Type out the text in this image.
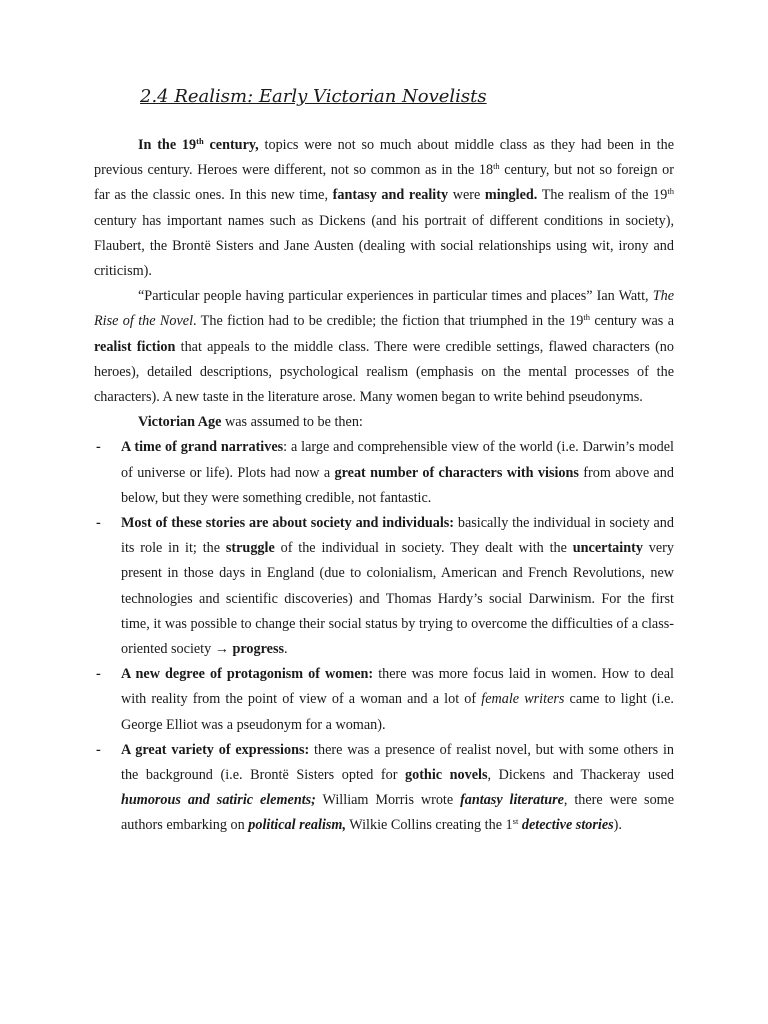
2.4 Realism: Early Victorian Novelists

In the 19th century, topics were not so much about middle class as they had been in the previous century. Heroes were different, not so common as in the 18th century, but not so foreign or far as the classic ones. In this new time, fantasy and reality were mingled. The realism of the 19th century has important names such as Dickens (and his portrait of different conditions in society), Flaubert, the Brontë Sisters and Jane Austen (dealing with social relationships using wit, irony and criticism).

“Particular people having particular experiences in particular times and places” Ian Watt, The Rise of the Novel. The fiction had to be credible; the fiction that triumphed in the 19th century was a realist fiction that appeals to the middle class. There were credible settings, flawed characters (no heroes), detailed descriptions, psychological realism (emphasis on the mental processes of the characters). A new taste in the literature arose. Many women began to write behind pseudonyms.

Victorian Age was assumed to be then:

- A time of grand narratives: a large and comprehensible view of the world (i.e. Darwin’s model of universe or life). Plots had now a great number of characters with visions from above and below, but they were something credible, not fantastic.
- Most of these stories are about society and individuals: basically the individual in society and its role in it; the struggle of the individual in society. They dealt with the uncertainty very present in those days in England (due to colonialism, American and French Revolutions, new technologies and scientific discoveries) and Thomas Hardy’s social Darwinism. For the first time, it was possible to change their social status by trying to overcome the difficulties of a class-oriented society → progress.
- A new degree of protagonism of women: there was more focus laid in women. How to deal with reality from the point of view of a woman and a lot of female writers came to light (i.e. George Elliot was a pseudonym for a woman).
- A great variety of expressions: there was a presence of realist novel, but with some others in the background (i.e. Brontë Sisters opted for gothic novels, Dickens and Thackeray used humorous and satiric elements; William Morris wrote fantasy literature, there were some authors embarking on political realism, Wilkie Collins creating the 1st detective stories).
